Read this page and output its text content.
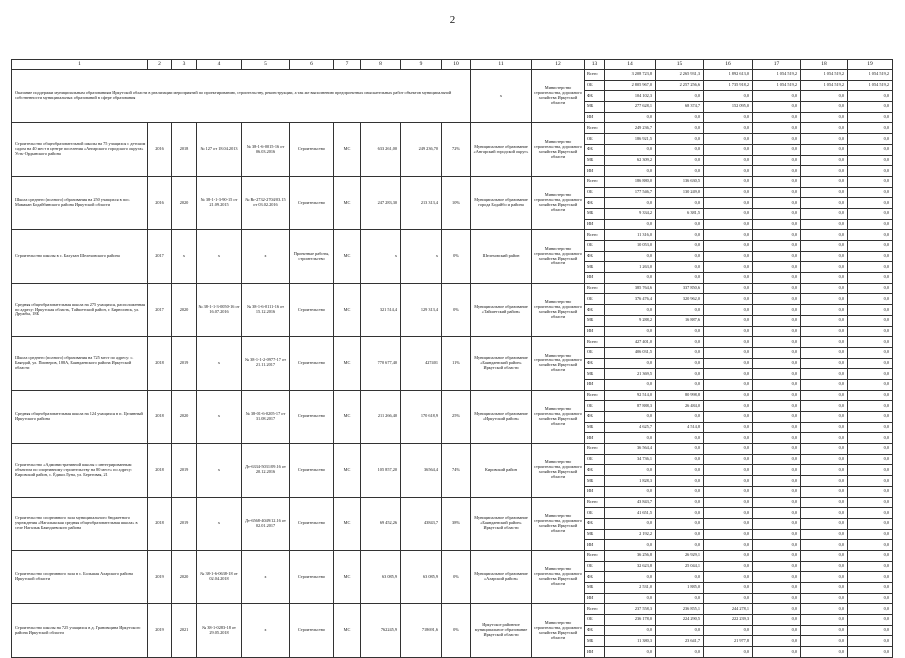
2
1	2	3	4	5	6	7	8	9	10	11	12	13	14	15	16	17	18	19
Оказание поддержки муниципальным образованиям Иркутской области в реализации мероприятий по проектированию, строительству, реконструкции, а так же выполнению предпроектных изыскательных работ объектов муниципальной собственности муниципальных образований в сфере образования										х	Министерство строительства, дорожного хозяйства Иркутской области	Всего	3 208 723,8	2 265 931,3	1 892 613,0	1 054 519,2	1 054 519,2	1 054 519,2
												ОБ	2 805 967,0	2 257 256,6	1 735 918,2	1 054 519,2	1 054 519,2	1 054 519,2
												ФБ	104 102,3	0,0	0,0	0,0	0,0	0,0
												МБ	277 628,1	68 374,7	152 095,0	0,0	0,0	0,0
												ИИ	0,0	0,0	0,0	0,0	0,0	0,0
Строительство общеобразовательной школы на 75 учащихся с детским садом на 40 мест в центре поселения «Ангарского городского округа» Усть-Ордынского района	2016	2018	№ 127 от 18.04.2013	№ 38-1-6-0015-16 от 06.03.2016	Строительство	МС	633 261,00	249 236,70	72%	Муниципальное образование «Ангарский городской округ»	Министерство строительства, дорожного хозяйства Иркутской области	Всего	249 236,7	0,0	0,0	0,0	0,0	0,0
												ОБ	186 921,5	0,0	0,0	0,0	0,0	0,0
												ФБ	0,0	0,0	0,0	0,0	0,0	0,0
												МБ	62 309,2	0,0	0,0	0,0	0,0	0,0
												ИИ	0,0	0,0	0,0	0,0	0,0	0,0
Школа среднего (полного) образования на 250 учащихся в пос. Мамакан Бодайбинского района Иркутской области	2016	2020	№ 38-1-1-3-90-15 от 21.09.2015	№ Rr-2732-2704/03.15 от 03.02.2016	Строительство	МС	247 283,30	213 313,4	10%	Муниципальное образование города Бодайбо и района	Министерство строительства, дорожного хозяйства Иркутской области	Всего	186 880,0	136 630,5	0,0	0,0	0,0	0,0
												ОБ	177 546,7	130 249,0	0,0	0,0	0,0	0,0
												ФБ	0,0	0,0	0,0	0,0	0,0	0,0
												МБ	9 334,2	6 381,5	0,0	0,0	0,0	0,0
												ИИ	0,0	0,0	0,0	0,0	0,0	0,0
Строительство школы в с. Балухан Шелеховского района	2017	х	х	х	Проектные работы, строительство	МС	х	х	0%	Шелеховский район	Министерство строительства, дорожного хозяйства Иркутской области	Всего	11 316,0	0,0	0,0	0,0	0,0	0,0
												ОБ	10 053,0	0,0	0,0	0,0	0,0	0,0
												ФБ	0,0	0,0	0,0	0,0	0,0	0,0
												МБ	1 263,0	0,0	0,0	0,0	0,0	0,0
												ИИ	0,0	0,0	0,0	0,0	0,0	0,0
Средняя общеобразовательная школа на 275 учащихся, расположенная по адресу: Иркутская область, Тайшетский район, г. Бирюсинск, ул. Дружбы, 18Б	2017	2020	№ 38-1-1-3-0050-16 от 16.07.2016	№ 38-1-6-0111-16 от 15.12.2016	Строительство	МС	321 514,4	129 313,4	0%	Муниципальное образование «Тайшетский район»	Министерство строительства, дорожного хозяйства Иркутской области	Всего	385 764,6	337 850,6	0,0	0,0	0,0	0,0
												ОБ	376 476,4	320 962,0	0,0	0,0	0,0	0,0
												ФБ	0,0	0,0	0,0	0,0	0,0	0,0
												МБ	9 288,2	16 887,6	0,0	0,0	0,0	0,0
												ИИ	0,0	0,0	0,0	0,0	0,0	0,0
Школа среднего (полного) образования на 725 мест по адресу: с. Баяндай, ул. Пионеров, 188А, Баяндаевского района Иркутской области	2018	2019	х	№ 38-1-1-2-0977-17 от 21.11.2017	Строительство	МС	770 677,40	427401	11%	Муниципальное образование «Баяндаевский район» Иркутской области	Министерство строительства, дорожного хозяйства Иркутской области	Всего	427 401,0	0,0	0,0	0,0	0,0	0,0
												ОБ	406 031,5	0,0	0,0	0,0	0,0	0,0
												ФБ	0,0	0,0	0,0	0,0	0,0	0,0
												МБ	21 369,5	0,0	0,0	0,0	0,0	0,0
												ИИ	0,0	0,0	0,0	0,0	0,0	0,0
Средняя общеобразовательная школа на 124 учащихся в п. Целинный Иркутского района	2018	2020	х	№ 38-01-6-0205-17 от 31.08.2017	Строительство	МС	211 266,40	170 618,9	25%	Муниципальное образование «Иркутский район»	Министерство строительства, дорожного хозяйства Иркутской области	Всего	92 514,0	80 998,8	0,0	0,0	0,0	0,0
												ОБ	87 888,3	26 484,0	0,0	0,0	0,0	0,0
												ФБ	0,0	0,0	0,0	0,0	0,0	0,0
												МБ	4 625,7	4 514,8	0,0	0,0	0,0	0,0
												ИИ	0,0	0,0	0,0	0,0	0,0	0,0
Строительство «Административной школы с интегрированным объектом по спортивному строительству на 80 мест» по адресу: Кировский район, с. Ёдики Луна, ул. Береговая, 21	2018	2019	х	Дт-6334-5031/09.16 от 20.12.2016	Строительство	МС	105 857,20	36564,4	74%	Кировский район	Министерство строительства, дорожного хозяйства Иркутской области	Всего	36 564,4	0,0	0,0	0,0	0,0	0,0
												ОБ	34 736,1	0,0	0,0	0,0	0,0	0,0
												ФБ	0,0	0,0	0,0	0,0	0,0	0,0
												МБ	1 828,3	0,0	0,0	0,0	0,0	0,0
												ИИ	0,0	0,0	0,0	0,0	0,0	0,0
Строительство спортивного зала муниципального бюджетного учреждения «Нагалыкская средняя общеобразовательная школа» в селе Нагалык Баяндаевского района	2018	2019	х	Дт-6568-4049/12.16 от 02.01.2017	Строительство	МС	69 452,26	43843,7	38%	Муниципальное образование «Баяндаевский район» Иркутской области	Министерство строительства, дорожного хозяйства Иркутской области	Всего	43 843,7	0,0	0,0	0,0	0,0	0,0
												ОБ	41 651,5	0,0	0,0	0,0	0,0	0,0
												ФБ	0,0	0,0	0,0	0,0	0,0	0,0
												МБ	2 192,2	0,0	0,0	0,0	0,0	0,0
												ИИ	0,0	0,0	0,0	0,0	0,0	0,0
Строительство спортивного зала в с. Большая Аларского района Иркутской области	2019	2020	№ 38-1-6-0638-18 от 02.04.2018	х	Строительство	МС	63 085,9	63 085,9	0%	Муниципальное образование «Аларский район»	Министерство строительства, дорожного хозяйства Иркутской области	Всего	36 256,8	26 929,1	0,0	0,0	0,0	0,0
												ОБ	32 623,8	25 044,1	0,0	0,0	0,0	0,0
												ФБ	0,0	0,0	0,0	0,0	0,0	0,0
												МБ	2 531,0	1 885,0	0,0	0,0	0,0	0,0
												ИИ	0,0	0,0	0,0	0,0	0,0	0,0
Строительство школы на 725 учащихся в д. Грановщина Иркутского района Иркутской области	2019	2021	№ 38-1-0283-18 от 29.05.2018	х	Строительство	МС	762245,9	718691,6	0%	Иркутское районное муниципальное образование Иркутской области	Министерство строительства, дорожного хозяйства Иркутской области	Всего	237 558,3	236 855,1	244 278,1	0,0	0,0	0,0
												ОБ	236 178,0	224 290,5	222 239,3	0,0	0,0	0,0
												ФБ	0,0	0,0	0,0	0,0	0,0	0,0
												МБ	11 380,3	23 641,7	21 977,8	0,0	0,0	0,0
												ИИ	0,0	0,0	0,0	0,0	0,0	0,0
